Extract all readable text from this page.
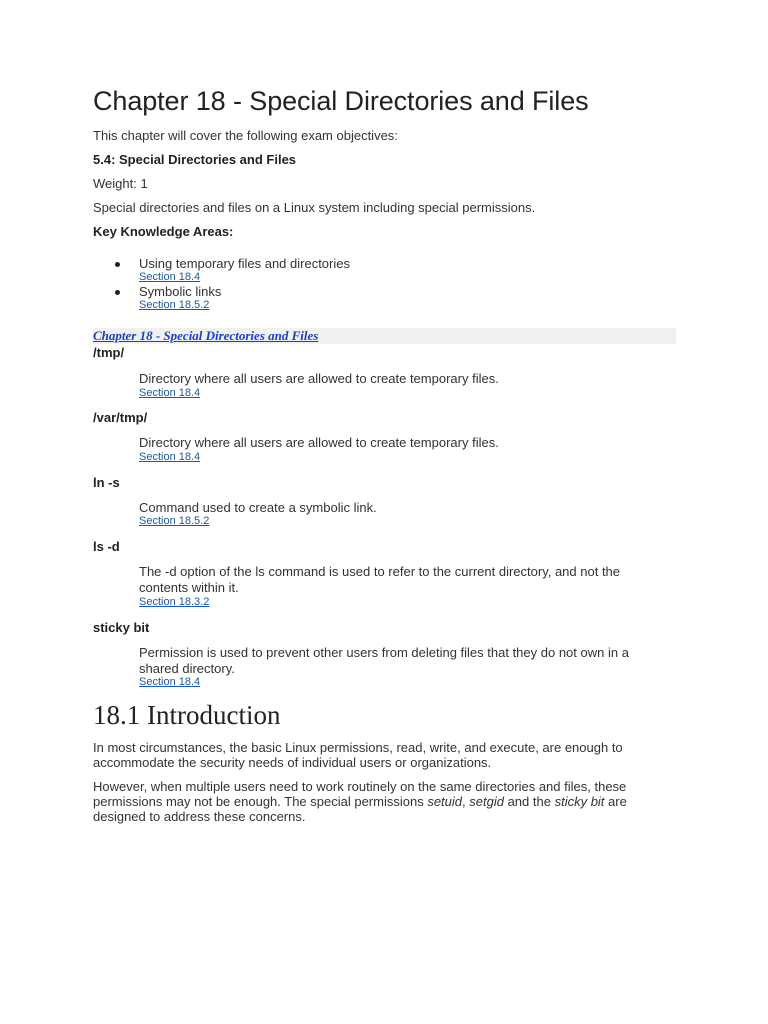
Chapter 18 - Special Directories and Files
This chapter will cover the following exam objectives:
5.4: Special Directories and Files
Weight: 1
Special directories and files on a Linux system including special permissions.
Key Knowledge Areas:
Using temporary files and directories
Section 18.4
Symbolic links
Section 18.5.2
Chapter 18 - Special Directories and Files
/tmp/
Directory where all users are allowed to create temporary files.
Section 18.4
/var/tmp/
Directory where all users are allowed to create temporary files.
Section 18.4
ln -s
Command used to create a symbolic link.
Section 18.5.2
ls -d
The -d option of the ls command is used to refer to the current directory, and not the contents within it.
Section 18.3.2
sticky bit
Permission is used to prevent other users from deleting files that they do not own in a shared directory.
Section 18.4
18.1 Introduction
In most circumstances, the basic Linux permissions, read, write, and execute, are enough to accommodate the security needs of individual users or organizations.
However, when multiple users need to work routinely on the same directories and files, these permissions may not be enough. The special permissions setuid, setgid and the sticky bit are designed to address these concerns.
